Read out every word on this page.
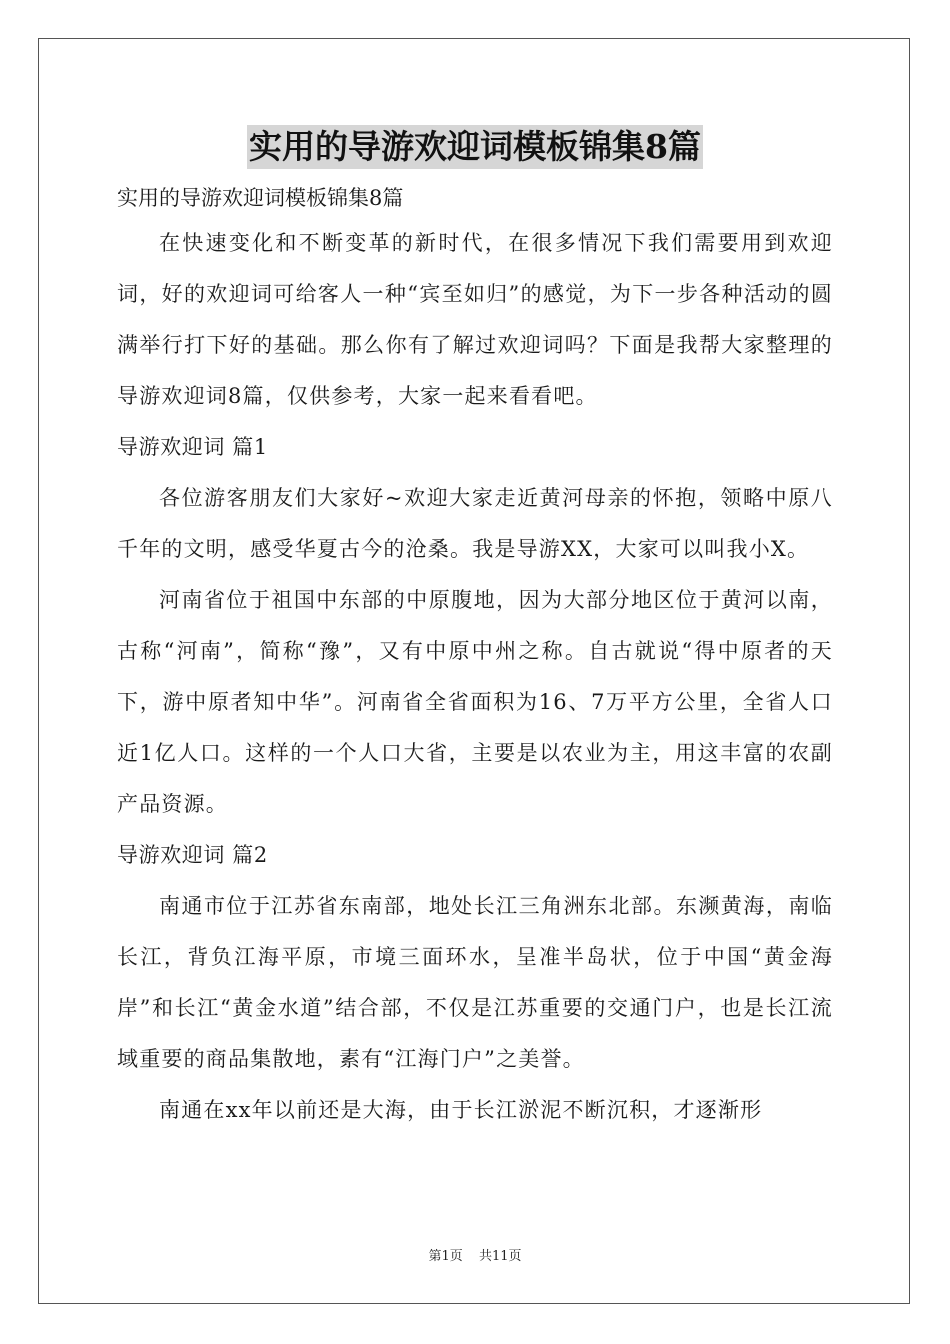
实用的导游欢迎词模板锦集8篇
实用的导游欢迎词模板锦集8篇

在快速变化和不断变革的新时代，在很多情况下我们需要用到欢迎词，好的欢迎词可给客人一种“宾至如归”的感觉，为下一步各种活动的圆满举行打下好的基础。那么你有了解过欢迎词吗？下面是我帮大家整理的导游欢迎词8篇，仅供参考，大家一起来看看吧。

导游欢迎词 篇1

各位游客朋友们大家好~欢迎大家走近黄河母亲的怀抱，领略中原八千年的文明，感受华夏古今的沧桑。我是导游XX，大家可以叫我小X。

河南省位于祖国中东部的中原腹地，因为大部分地区位于黄河以南，古称“河南”，简称“豫”，又有中原中州之称。自古就说“得中原者的天下，游中原者知中华”。河南省全省面积为16、7万平方公里，全省人口近1亿人口。这样的一个人口大省，主要是以农业为主，用这丰富的农副产品资源。

导游欢迎词 篇2

南通市位于江苏省东南部，地处长江三角洲东北部。东濒黄海，南临长江，背负江海平原，市境三面环水，呈准半岛状，位于中国“黄金海岸”和长江“黄金水道”结合部，不仅是江苏重要的交通门户，也是长江流域重要的商品集散地，素有“江海门户”之美誉。

南通在xx年以前还是大海，由于长江淤泥不断沉积，才逐渐形

第1页 共11页
